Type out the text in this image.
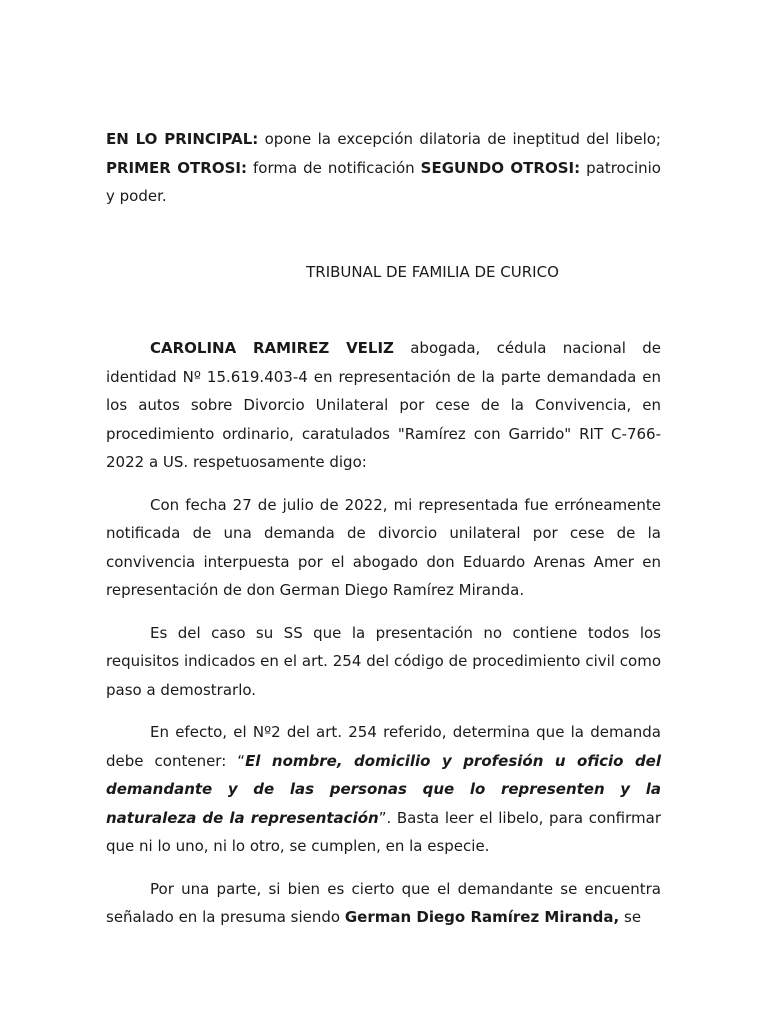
EN LO PRINCIPAL: opone la excepción dilatoria de ineptitud del libelo; PRIMER OTROSI: forma de notificación SEGUNDO OTROSI: patrocinio y poder.

TRIBUNAL DE FAMILIA DE CURICO

CAROLINA RAMIREZ VELIZ abogada, cédula nacional de identidad Nº 15.619.403-4 en representación de la parte demandada en los autos sobre Divorcio Unilateral por cese de la Convivencia, en procedimiento ordinario, caratulados "Ramírez con Garrido" RIT C-766-2022 a US. respetuosamente digo:

Con fecha 27 de julio de 2022, mi representada fue erróneamente notificada de una demanda de divorcio unilateral por cese de la convivencia interpuesta por el abogado don Eduardo Arenas Amer en representación de don German Diego Ramírez Miranda.

Es del caso su SS que la presentación no contiene todos los requisitos indicados en el art. 254 del código de procedimiento civil como paso a demostrarlo.

En efecto, el Nº2 del art. 254 referido, determina que la demanda debe contener: “El nombre, domicilio y profesión u oficio del demandante y de las personas que lo representen y la naturaleza de la representación”. Basta leer el libelo, para confirmar que ni lo uno, ni lo otro, se cumplen, en la especie.

Por una parte, si bien es cierto que el demandante se encuentra señalado en la presuma siendo German Diego Ramírez Miranda, se
